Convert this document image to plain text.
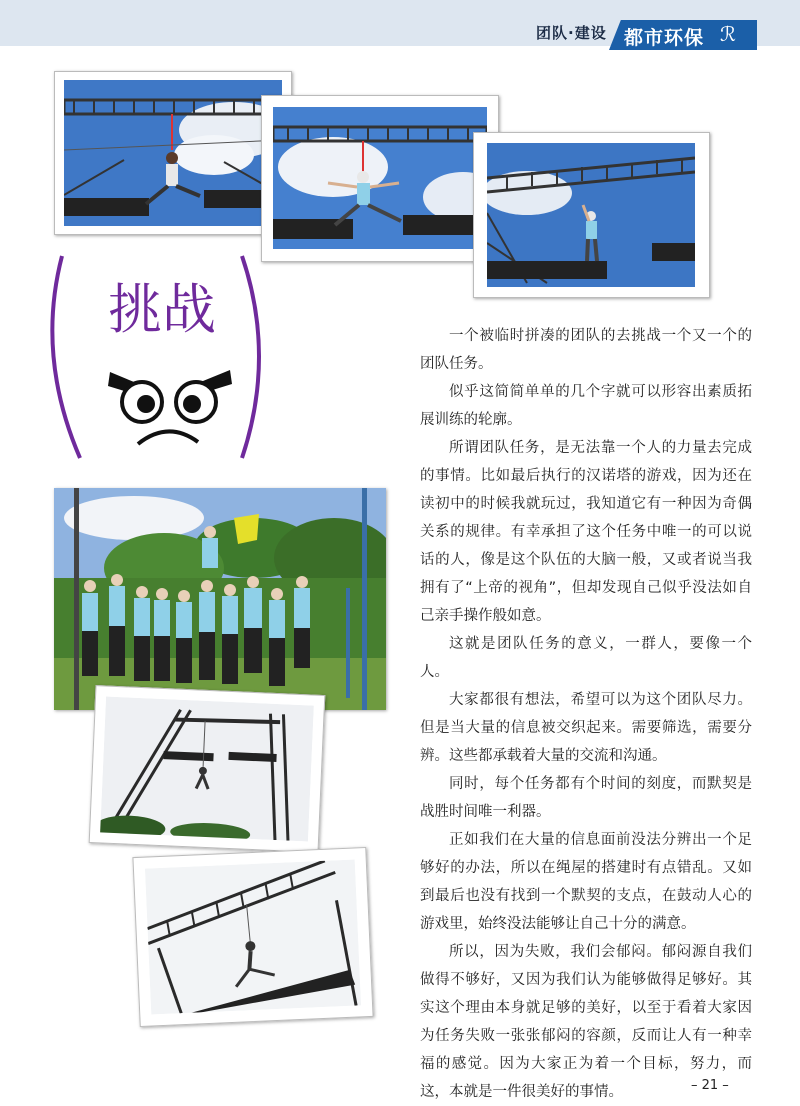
团队·建设 都市环保 ℛ
挑战	一个被临时拼凑的团队的去挑战一个又一个的团队任务。

似乎这简简单单的几个字就可以形容出素质拓展训练的轮廓。

所谓团队任务，是无法靠一个人的力量去完成的事情。比如最后执行的汉诺塔的游戏，因为还在读初中的时候我就玩过，我知道它有一种因为奇偶关系的规律。有幸承担了这个任务中唯一的可以说话的人，像是这个队伍的大脑一般，又或者说当我拥有了“上帝的视角”，但却发现自己似乎没法如自己亲手操作般如意。

这就是团队任务的意义，一群人，要像一个人。

大家都很有想法，希望可以为这个团队尽力。但是当大量的信息被交织起来。需要筛选，需要分辨。这些都承载着大量的交流和沟通。

同时，每个任务都有个时间的刻度，而默契是战胜时间唯一利器。

正如我们在大量的信息面前没法分辨出一个足够好的办法，所以在绳屋的搭建时有点错乱。又如到最后也没有找到一个默契的支点，在鼓动人心的游戏里，始终没法能够让自己十分的满意。

所以，因为失败，我们会郁闷。郁闷源自我们做得不够好，又因为我们认为能够做得足够好。其实这个理由本身就足够的美好，以至于看着大家因为任务失败一张张郁闷的容颜，反而让人有一种幸福的感觉。因为大家正为着一个目标，努力，而这，本就是一件很美好的事情。	– 21 –
